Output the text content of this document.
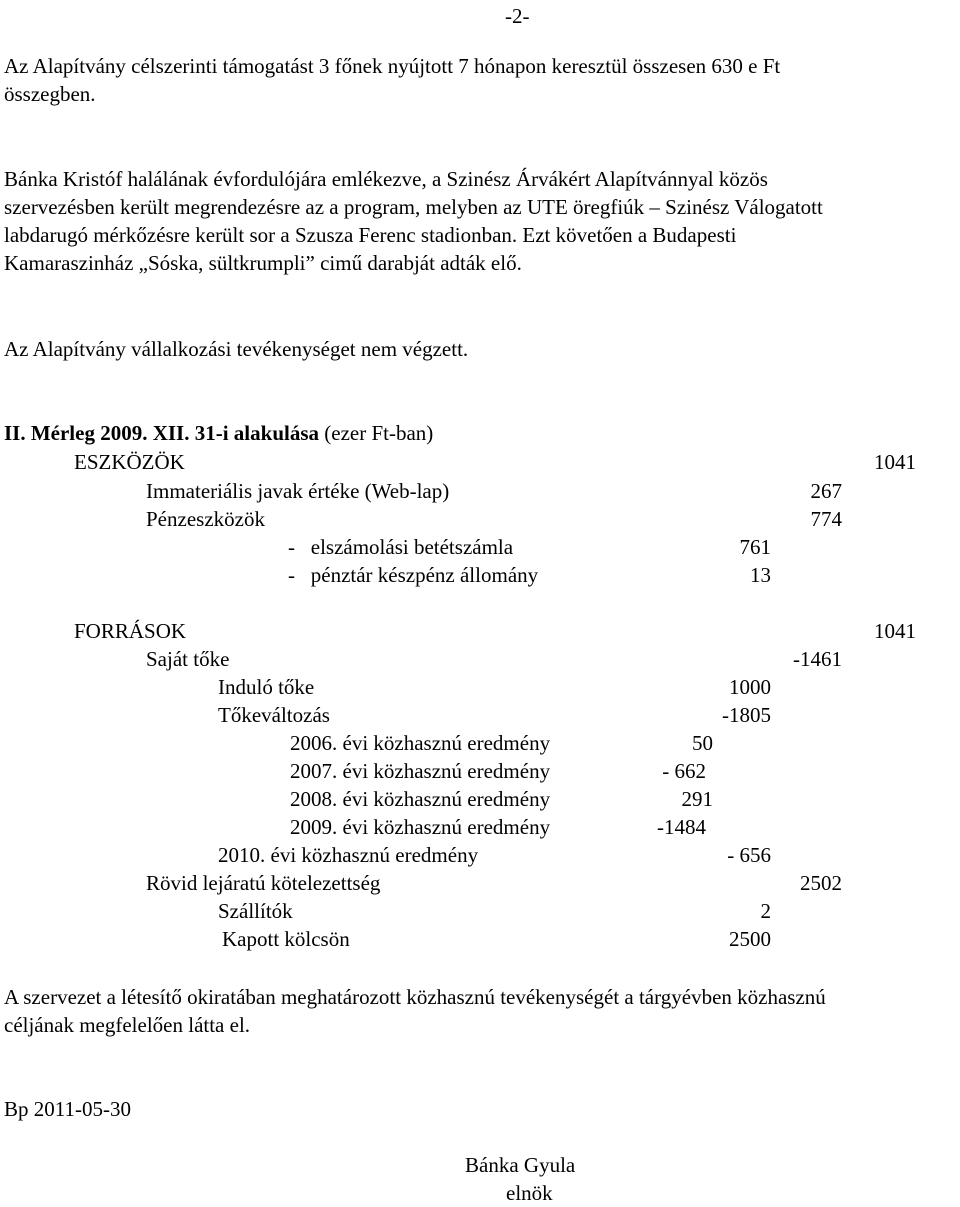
-2-
Az Alapítvány célszerinti támogatást 3 főnek nyújtott 7 hónapon keresztül összesen 630 e Ft
összegben.
Bánka Kristóf halálának évfordulójára emlékezve, a Szinész Árvákért Alapítvánnyal közös
szervezésben került megrendezésre az a program, melyben az UTE öregfiúk – Szinész Válogatott
labdarugó mérkőzésre került sor a Szusza Ferenc stadionban. Ezt követően a Budapesti
Kamaraszinház „Sóska, sültkrumpli” cimű darabját adták elő.
Az Alapítvány vállalkozási tevékenységet nem végzett.
II. Mérleg 2009. XII. 31-i alakulása (ezer Ft-ban)
ESZKÖZÖK	1041
Immateriális javak értéke (Web-lap)	267
Pénzeszközök	774
-   elszámolási betétszámla	761
-   pénztár készpénz állomány	13
FORRÁSOK	1041
Saját tőke	-1461
Induló tőke	1000
Tőkeváltozás	-1805
2006. évi közhasznú eredmény	50
2007. évi közhasznú eredmény	- 662
2008. évi közhasznú eredmény	291
2009. évi közhasznú eredmény	-1484
2010. évi közhasznú eredmény	- 656
Rövid lejáratú kötelezettség	2502
Szállítók	2
Kapott kölcsön	2500
A szervezet a létesítő okiratában meghatározott közhasznú tevékenységét a tárgyévben közhasznú
céljának megfelelően látta el.
Bp 2011-05-30
Bánka Gyula
elnök
